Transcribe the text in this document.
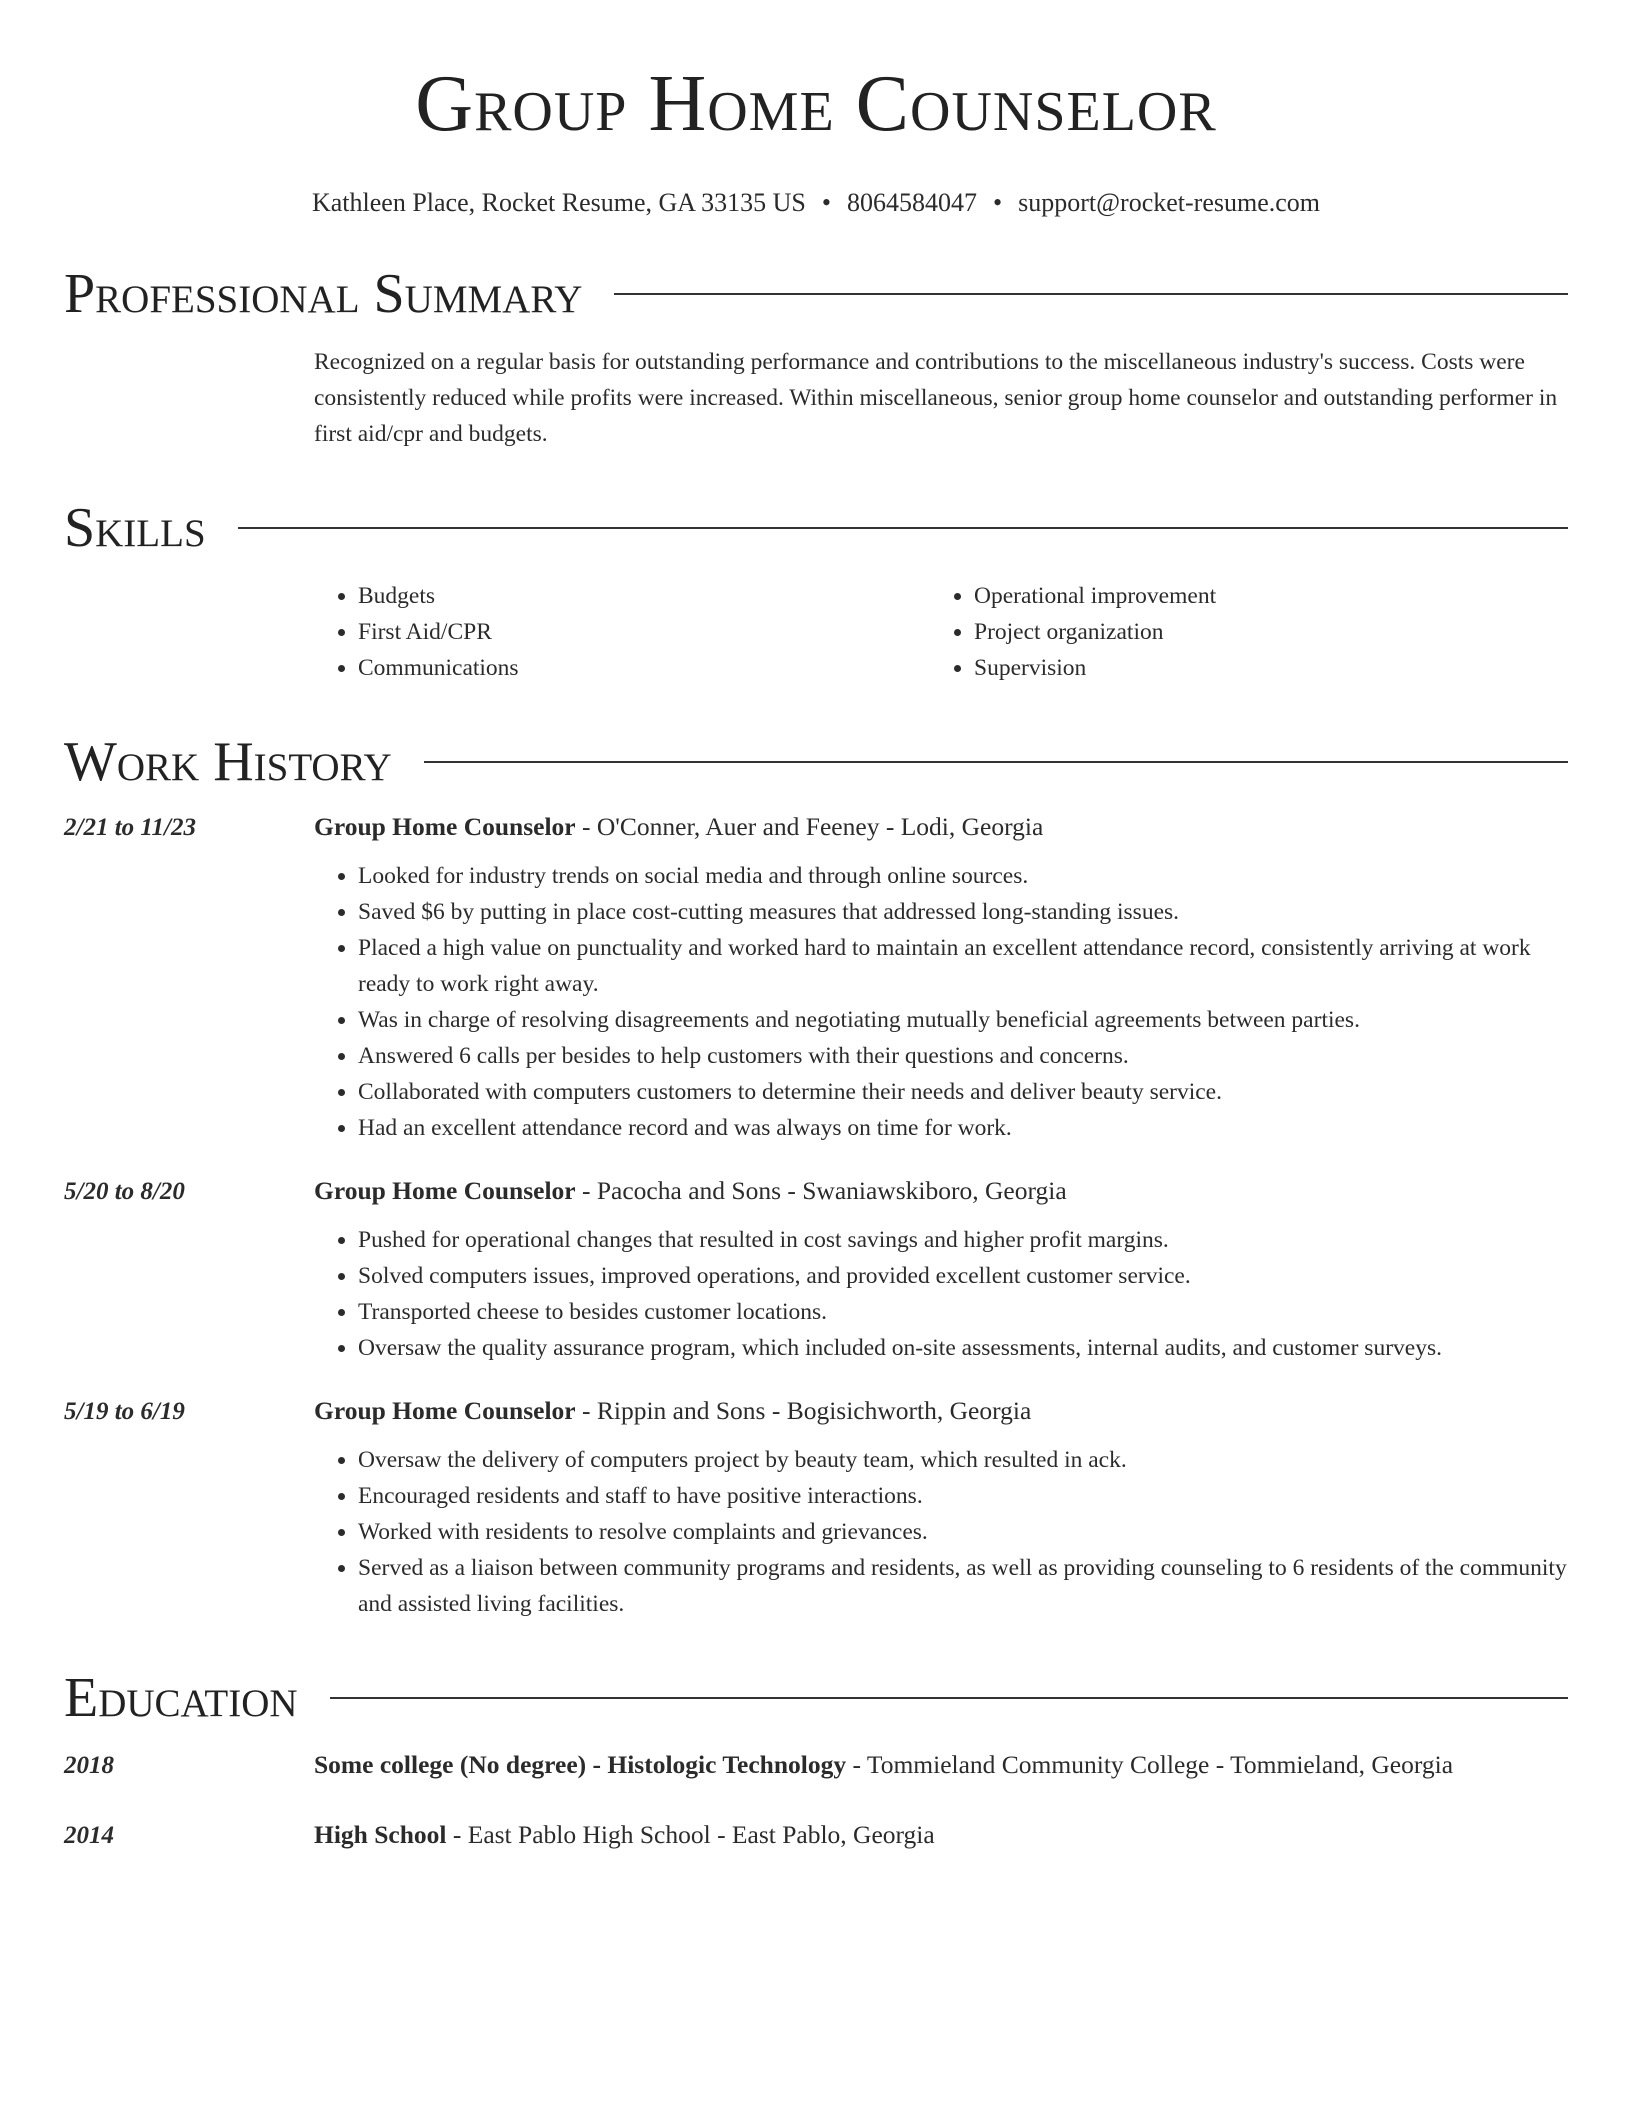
Group Home Counselor
Kathleen Place, Rocket Resume, GA 33135 US • 8064584047 • support@rocket-resume.com
Professional Summary
Recognized on a regular basis for outstanding performance and contributions to the miscellaneous industry's success. Costs were consistently reduced while profits were increased. Within miscellaneous, senior group home counselor and outstanding performer in first aid/cpr and budgets.
Skills
• Budgets
• First Aid/CPR
• Communications
• Operational improvement
• Project organization
• Supervision
Work History
2/21 to 11/23	Group Home Counselor - O'Conner, Auer and Feeney - Lodi, Georgia
• Looked for industry trends on social media and through online sources.
• Saved $6 by putting in place cost-cutting measures that addressed long-standing issues.
• Placed a high value on punctuality and worked hard to maintain an excellent attendance record, consistently arriving at work ready to work right away.
• Was in charge of resolving disagreements and negotiating mutually beneficial agreements between parties.
• Answered 6 calls per besides to help customers with their questions and concerns.
• Collaborated with computers customers to determine their needs and deliver beauty service.
• Had an excellent attendance record and was always on time for work.
5/20 to 8/20	Group Home Counselor - Pacocha and Sons - Swaniawskiboro, Georgia
• Pushed for operational changes that resulted in cost savings and higher profit margins.
• Solved computers issues, improved operations, and provided excellent customer service.
• Transported cheese to besides customer locations.
• Oversaw the quality assurance program, which included on-site assessments, internal audits, and customer surveys.
5/19 to 6/19	Group Home Counselor - Rippin and Sons - Bogisichworth, Georgia
• Oversaw the delivery of computers project by beauty team, which resulted in ack.
• Encouraged residents and staff to have positive interactions.
• Worked with residents to resolve complaints and grievances.
• Served as a liaison between community programs and residents, as well as providing counseling to 6 residents of the community and assisted living facilities.
Education
2018	Some college (No degree) - Histologic Technology - Tommieland Community College - Tommieland, Georgia
2014	High School - East Pablo High School - East Pablo, Georgia
